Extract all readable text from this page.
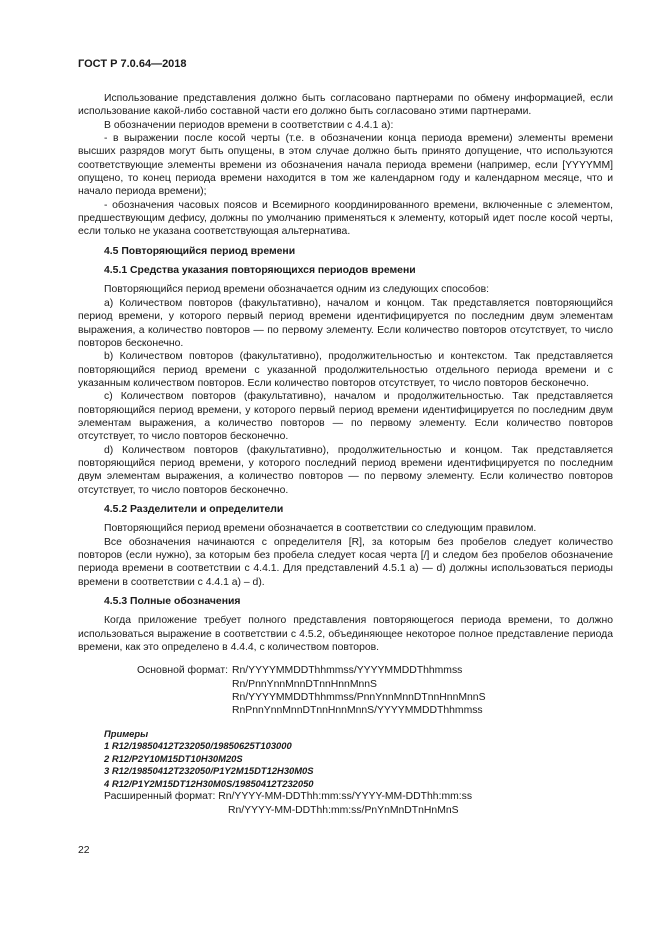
ГОСТ Р 7.0.64—2018

Использование представления должно быть согласовано партнерами по обмену информацией, если использование какой-либо составной части его должно быть согласовано этими партнерами.

В обозначении периодов времени в соответствии с 4.4.1 а):

- в выражении после косой черты (т.е. в обозначении конца периода времени) элементы времени высших разрядов могут быть опущены, в этом случае должно быть принято допущение, что используются соответствующие элементы времени из обозначения начала периода времени (например, если [YYYYMM] опущено, то конец периода времени находится в том же календарном году и календарном месяце, что и начало периода времени);

- обозначения часовых поясов и Всемирного координированного времени, включенные с элементом, предшествующим дефису, должны по умолчанию применяться к элементу, который идет после косой черты, если только не указана соответствующая альтернатива.

4.5 Повторяющийся период времени
4.5.1 Средства указания повторяющихся периодов времени

Повторяющийся период времени обозначается одним из следующих способов:

а) Количеством повторов (факультативно), началом и концом. Так представляется повторяющийся период времени, у которого первый период времени идентифицируется по последним двум элементам выражения, а количество повторов — по первому элементу. Если количество повторов отсутствует, то число повторов бесконечно.

b) Количеством повторов (факультативно), продолжительностью и контекстом. Так представляется повторяющийся период времени с указанной продолжительностью отдельного периода времени и с указанным количеством повторов. Если количество повторов отсутствует, то число повторов бесконечно.

c) Количеством повторов (факультативно), началом и продолжительностью. Так представляется повторяющийся период времени, у которого первый период времени идентифицируется по последним двум элементам выражения, а количество повторов — по первому элементу. Если количество повторов отсутствует, то число повторов бесконечно.

d) Количеством повторов (факультативно), продолжительностью и концом. Так представляется повторяющийся период времени, у которого последний период времени идентифицируется по последним двум элементам выражения, а количество повторов — по первому элементу. Если количество повторов отсутствует, то число повторов бесконечно.

4.5.2 Разделители и определители

Повторяющийся период времени обозначается в соответствии со следующим правилом.

Все обозначения начинаются с определителя [R], за которым без пробелов следует количество повторов (если нужно), за которым без пробела следует косая черта [/] и следом без пробелов обозначение периода времени в соответствии с 4.4.1. Для представлений 4.5.1 а) — d) должны использоваться периоды времени в соответствии с 4.4.1 а) – d).

4.5.3 Полные обозначения

Когда приложение требует полного представления повторяющегося периода времени, то должно использоваться выражение в соответствии с 4.5.2, объединяющее некоторое полное представление периода времени, как это определено в 4.4.4, с количеством повторов.

Основной формат: Rn/YYYYMMDDThhmmss/YYYYMMDDThhmmss
Rn/PnnYnnMnnDTnnHnnMnnS
Rn/YYYYMMDDThhmmss/PnnYnnMnnDTnnHnnMnnS
RnPnnYnnMnnDTnnHnnMnnS/YYYYMMDDThhmmss
Примеры
1 R12/19850412T232050/19850625T103000
2 R12/P2Y10M15DT10H30M20S
3 R12/19850412T232050/P1Y2M15DT12H30M0S
4 R12/P1Y2M15DT12H30M0S/19850412T232050
Расширенный формат: Rn/YYYY-MM-DDThh:mm:ss/YYYY-MM-DDThh:mm:ss
Rn/YYYY-MM-DDThh:mm:ss/PnYnMnDTnHnMnS
22
